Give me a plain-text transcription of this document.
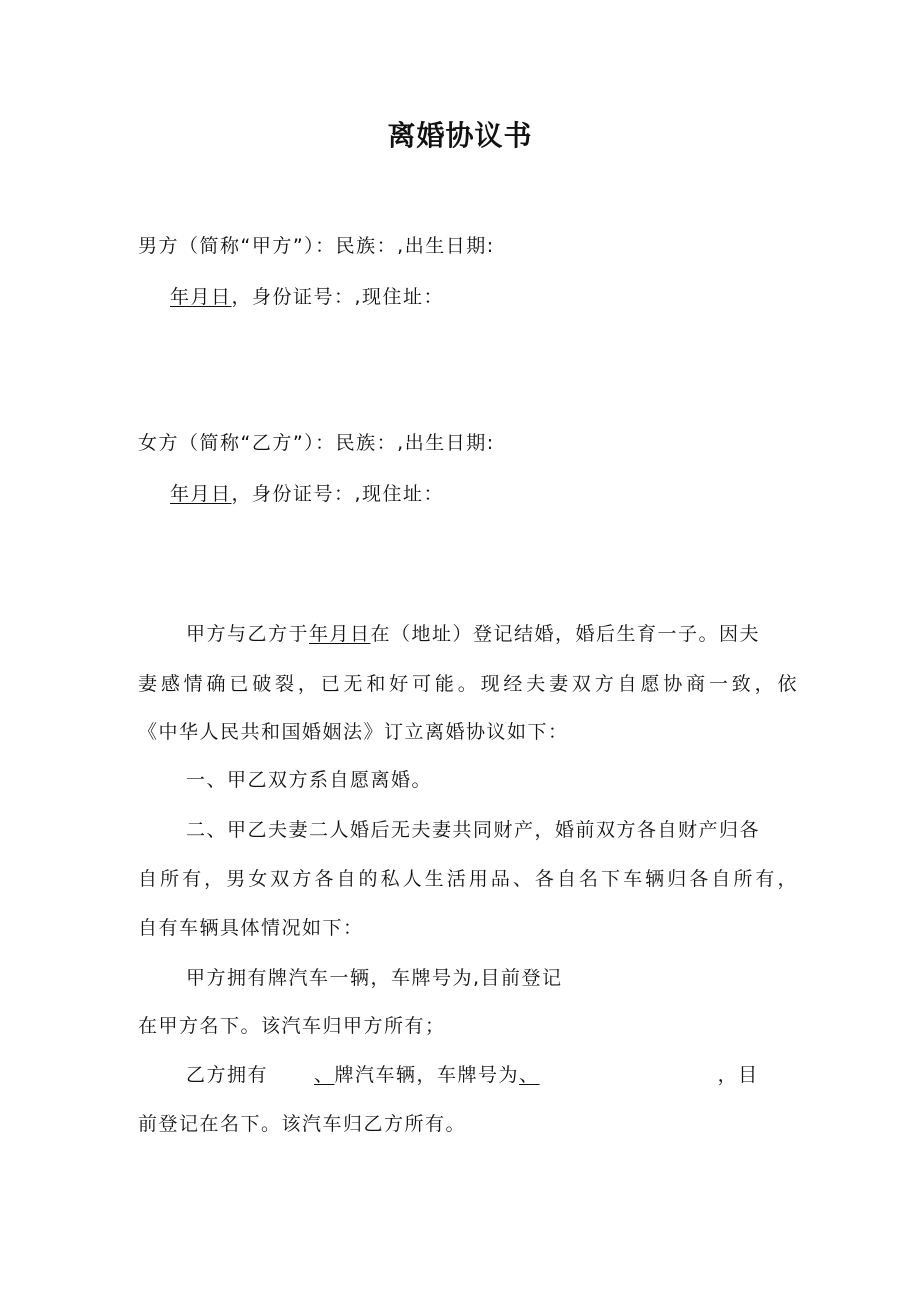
离婚协议书
男方（简称“甲方”）：民族：,出生日期:
年月日，身份证号：,现住址：
女方（简称“乙方”）：民族：,出生日期:
年月日，身份证号：,现住址：
甲方与乙方于年月日在（地址）登记结婚，婚后生育一子。因夫
妻感情确已破裂，已无和好可能。现经夫妻双方自愿协商一致，依
《中华人民共和国婚姻法》订立离婚协议如下：
一、甲乙双方系自愿离婚。
二、甲乙夫妻二人婚后无夫妻共同财产，婚前双方各自财产归各
自所有，男女双方各自的私人生活用品、各自名下车辆归各自所有，
自有车辆具体情况如下：
甲方拥有牌汽车一辆，车牌号为,目前登记
在甲方名下。该汽车归甲方所有；
乙方拥有 、牌汽车辆，车牌号为、	，目
前登记在名下。该汽车归乙方所有。
